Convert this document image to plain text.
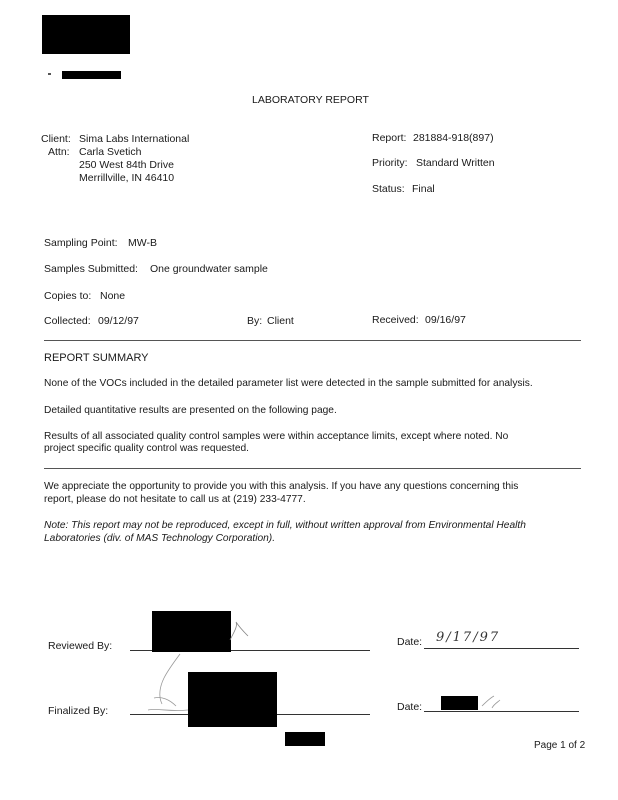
LABORATORY REPORT
Client: Sima Labs International
Attn: Carla Svetich
250 West 84th Drive
Merrillville, IN 46410
Report: 281884-918(897)
Priority: Standard Written
Status: Final
Sampling Point: MW-B
Samples Submitted: One groundwater sample
Copies to: None
Collected: 09/12/97	By: Client	Received: 09/16/97
REPORT SUMMARY
None of the VOCs included in the detailed parameter list were detected in the sample submitted for analysis.
Detailed quantitative results are presented on the following page.
Results of all associated quality control samples were within acceptance limits, except where noted. No
project specific quality control was requested.
We appreciate the opportunity to provide you with this analysis. If you have any questions concerning this
report, please do not hesitate to call us at (219) 233-4777.
Note: This report may not be reproduced, except in full, without written approval from Environmental Health
Laboratories (div. of MAS Technology Corporation).
Reviewed By:	Date: 9/17/97
Finalized By:	Date:
Page 1 of 2
